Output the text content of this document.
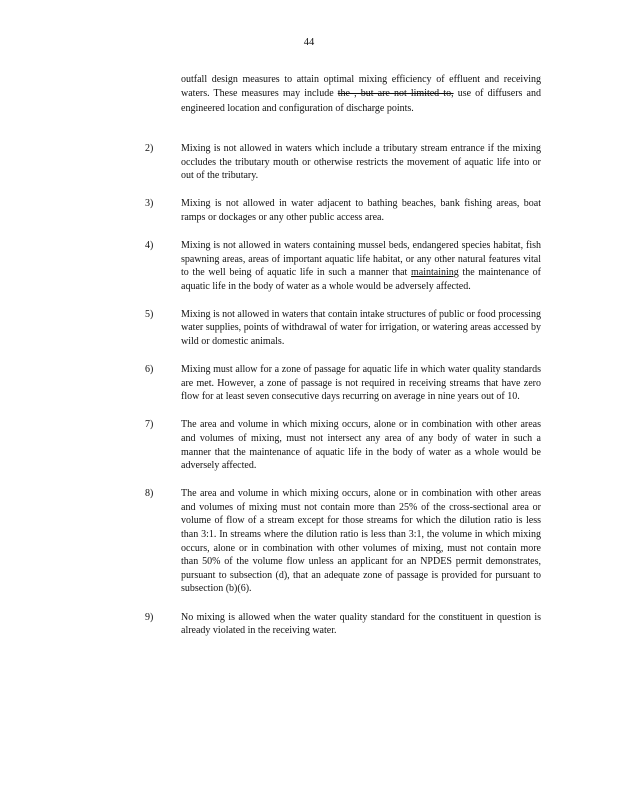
44
outfall design measures to attain optimal mixing efficiency of effluent and receiving waters. These measures may include the , but are not limited to, use of diffusers and engineered location and configuration of discharge points.
2)	Mixing is not allowed in waters which include a tributary stream entrance if the mixing occludes the tributary mouth or otherwise restricts the movement of aquatic life into or out of the tributary.
3)	Mixing is not allowed in water adjacent to bathing beaches, bank fishing areas, boat ramps or dockages or any other public access area.
4)	Mixing is not allowed in waters containing mussel beds, endangered species habitat, fish spawning areas, areas of important aquatic life habitat, or any other natural features vital to the well being of aquatic life in such a manner that maintaining the maintenance of aquatic life in the body of water as a whole would be adversely affected.
5)	Mixing is not allowed in waters that contain intake structures of public or food processing water supplies, points of withdrawal of water for irrigation, or watering areas accessed by wild or domestic animals.
6)	Mixing must allow for a zone of passage for aquatic life in which water quality standards are met. However, a zone of passage is not required in receiving streams that have zero flow for at least seven consecutive days recurring on average in nine years out of 10.
7)	The area and volume in which mixing occurs, alone or in combination with other areas and volumes of mixing, must not intersect any area of any body of water in such a manner that the maintenance of aquatic life in the body of water as a whole would be adversely affected.
8)	The area and volume in which mixing occurs, alone or in combination with other areas and volumes of mixing must not contain more than 25% of the cross-sectional area or volume of flow of a stream except for those streams for which the dilution ratio is less than 3:1. In streams where the dilution ratio is less than 3:1, the volume in which mixing occurs, alone or in combination with other volumes of mixing, must not contain more than 50% of the volume flow unless an applicant for an NPDES permit demonstrates, pursuant to subsection (d), that an adequate zone of passage is provided for pursuant to subsection (b)(6).
9)	No mixing is allowed when the water quality standard for the constituent in question is already violated in the receiving water.
